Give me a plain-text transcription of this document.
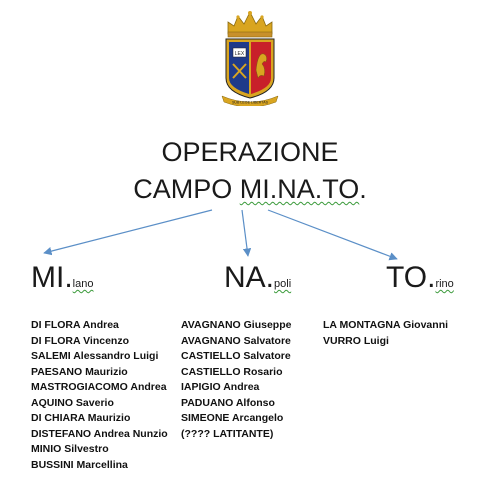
LEX
SUB LEGE LIBERTAS
OPERAZIONE
CAMPO MI.NA.TO.
MI.lano	NA.poli	TO.rino
DI FLORA Andrea
DI FLORA Vincenzo
SALEMI Alessandro Luigi
PAESANO Maurizio
MASTROGIACOMO Andrea
AQUINO Saverio
DI CHIARA Maurizio
DISTEFANO Andrea Nunzio
MINIO Silvestro
BUSSINI Marcellina
AVAGNANO Giuseppe
AVAGNANO Salvatore
CASTIELLO Salvatore
CASTIELLO Rosario
IAPIGIO Andrea
PADUANO Alfonso
SIMEONE Arcangelo
(???? LATITANTE)
LA MONTAGNA Giovanni
VURRO Luigi
